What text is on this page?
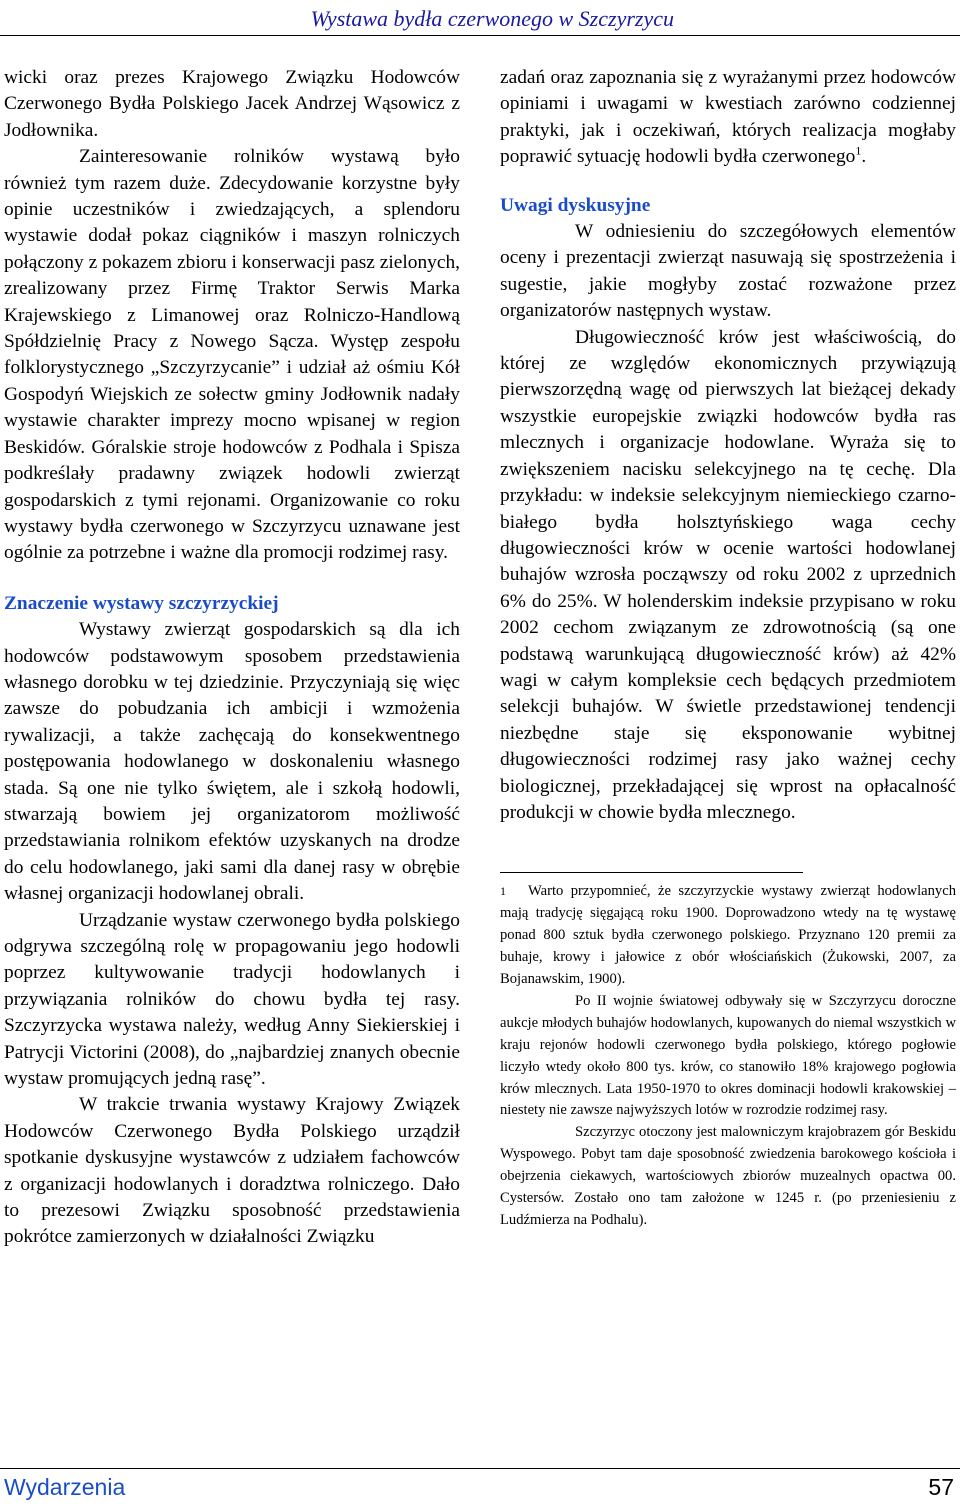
Wystawa bydła czerwonego w Szczyrzycu

wicki oraz prezes Krajowego Związku Hodowców Czerwonego Bydła Polskiego Jacek Andrzej Wąsowicz z Jodłownika.

Zainteresowanie rolników wystawą było również tym razem duże. Zdecydowanie korzystne były opinie uczestników i zwiedzających, a splendoru wystawie dodał pokaz ciągników i maszyn rolniczych połączony z pokazem zbioru i konserwacji pasz zielonych, zrealizowany przez Firmę Traktor Serwis Marka Krajewskiego z Limanowej oraz Rolniczo-Handlową Spółdzielnię Pracy z Nowego Sącza. Występ zespołu folklorystycznego „Szczyrzycanie” i udział aż ośmiu Kół Gospodyń Wiejskich ze sołectw gminy Jodłownik nadały wystawie charakter imprezy mocno wpisanej w region Beskidów. Góralskie stroje hodowców z Podhala i Spisza podkreślały pradawny związek hodowli zwierząt gospodarskich z tymi rejonami. Organizowanie co roku wystawy bydła czerwonego w Szczyrzycu uznawane jest ogólnie za potrzebne i ważne dla promocji rodzimej rasy.

Znaczenie wystawy szczyrzyckiej

Wystawy zwierząt gospodarskich są dla ich hodowców podstawowym sposobem przedstawienia własnego dorobku w tej dziedzinie. Przyczyniają się więc zawsze do pobudzania ich ambicji i wzmożenia rywalizacji, a także zachęcają do konsekwentnego postępowania hodowlanego w doskonaleniu własnego stada. Są one nie tylko świętem, ale i szkołą hodowli, stwarzają bowiem jej organizatorom możliwość przedstawiania rolnikom efektów uzyskanych na drodze do celu hodowlanego, jaki sami dla danej rasy w obrębie własnej organizacji hodowlanej obrali.

Urządzanie wystaw czerwonego bydła polskiego odgrywa szczególną rolę w propagowaniu jego hodowli poprzez kultywowanie tradycji hodowlanych i przywiązania rolników do chowu bydła tej rasy. Szczyrzycka wystawa należy, według Anny Siekierskiej i Patrycji Victorini (2008), do „najbardziej znanych obecnie wystaw promujących jedną rasę”.

W trakcie trwania wystawy Krajowy Związek Hodowców Czerwonego Bydła Polskiego urządził spotkanie dyskusyjne wystawców z udziałem fachowców z organizacji hodowlanych i doradztwa rolniczego. Dało to prezesowi Związku sposobność przedstawienia pokrótce zamierzonych w działalności Związku

zadań oraz zapoznania się z wyrażanymi przez hodowców opiniami i uwagami w kwestiach zarówno codziennej praktyki, jak i oczekiwań, których realizacja mogłaby poprawić sytuację hodowli bydła czerwonego$^1$.

Uwagi dyskusyjne

W odniesieniu do szczegółowych elementów oceny i prezentacji zwierząt nasuwają się spostrzeżenia i sugestie, jakie mogłyby zostać rozważone przez organizatorów następnych wystaw.

Długowieczność krów jest właściwością, do której ze względów ekonomicznych przywiązują pierwszorzędną wagę od pierwszych lat bieżącej dekady wszystkie europejskie związki hodowców bydła ras mlecznych i organizacje hodowlane. Wyraża się to zwiększeniem nacisku selekcyjnego na tę cechę. Dla przykładu: w indeksie selekcyjnym niemieckiego czarno-białego bydła holsztyńskiego waga cechy długowieczności krów w ocenie wartości hodowlanej buhajów wzrosła począwszy od roku 2002 z uprzednich 6% do 25%. W holenderskim indeksie przypisano w roku 2002 cechom związanym ze zdrowotnością (są one podstawą warunkującą długowieczność krów) aż 42% wagi w całym kompleksie cech będących przedmiotem selekcji buhajów. W świetle przedstawionej tendencji niezbędne staje się eksponowanie wybitnej długowieczności rodzimej rasy jako ważnej cechy biologicznej, przekładającej się wprost na opłacalność produkcji w chowie bydła mlecznego.

$^1$ Warto przypomnieć, że szczyrzyckie wystawy zwierząt hodowlanych mają tradycję sięgającą roku 1900. Doprowadzono wtedy na tę wystawę ponad 800 sztuk bydła czerwonego polskiego. Przyznano 120 premii za buhaje, krowy i jałowice z obór włościańskich (Żukowski, 2007, za Bojanawskim, 1900).

Po II wojnie światowej odbywały się w Szczyrzycu doroczne aukcje młodych buhajów hodowlanych, kupowanych do niemal wszystkich w kraju rejonów hodowli czerwonego bydła polskiego, którego pogłowie liczyło wtedy około 800 tys. krów, co stanowiło 18% krajowego pogłowia krów mlecznych. Lata 1950-1970 to okres dominacji hodowli krakowskiej – niestety nie zawsze najwyższych lotów w rozrodzie rodzimej rasy.

Szczyrzyc otoczony jest malowniczym krajobrazem gór Beskidu Wyspowego. Pobyt tam daje sposobność zwiedzenia barokowego kościoła i obejrzenia ciekawych, wartościowych zbiorów muzealnych opactwa 00. Cystersów. Zostało ono tam założone w 1245 r. (po przeniesieniu z Ludźmierza na Podhalu).

Wydarzenia	57
